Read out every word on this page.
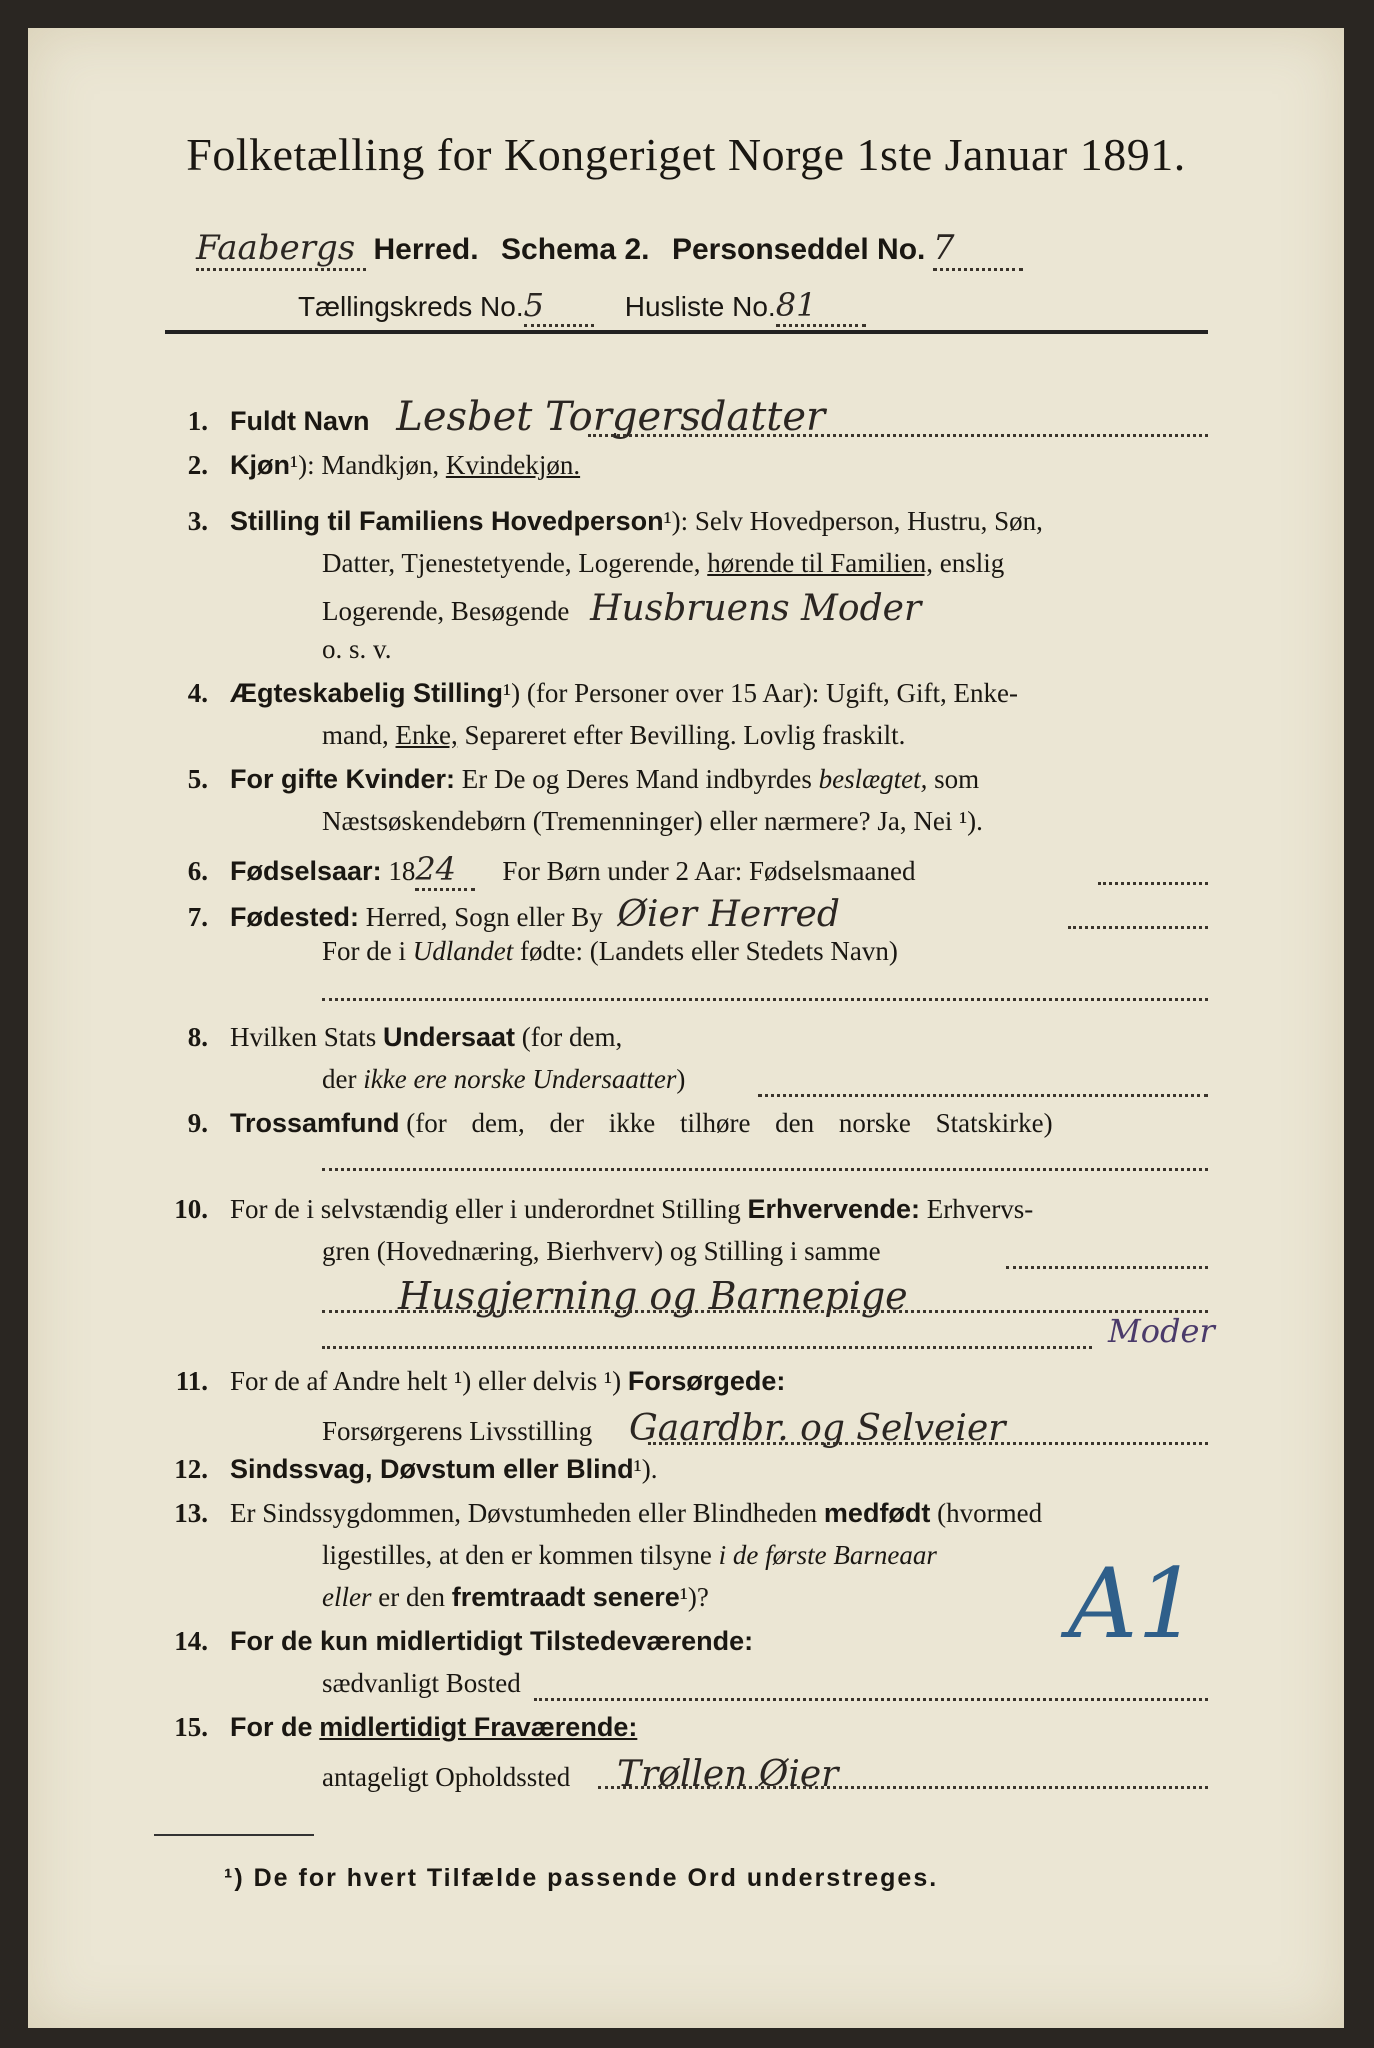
Folketælling for Kongeriget Norge 1ste Januar 1891.
Faabergs Herred. Schema 2. Personseddel No. 7
Tællingskreds No.5	Husliste No.81
1. Fuldt Navn Lesbet Torgersdatter
2. Kjøn¹): Mandkjøn, Kvindekjøn.
3. Stilling til Familiens Hovedperson¹): Selv Hovedperson, Hustru, Søn,
Datter, Tjenestetyende, Logerende, hørende til Familien, enslig
Logerende, Besøgende Husbruens Moder
o. s. v.
4. Ægteskabelig Stilling¹) (for Personer over 15 Aar): Ugift, Gift, Enke-
mand, Enke, Separeret efter Bevilling. Lovlig fraskilt.
5. For gifte Kvinder: Er De og Deres Mand indbyrdes beslægtet, som
Næstsøskendebørn (Tremenninger) eller nærmere? Ja, Nei ¹).
6. Fødselsaar: 1824 For Børn under 2 Aar: Fødselsmaaned
7. Fødested: Herred, Sogn eller By Øier Herred
For de i Udlandet fødte: (Landets eller Stedets Navn)
8. Hvilken Stats Undersaat (for dem,
der ikke ere norske Undersaatter)
9. Trossamfund (for dem, der ikke tilhøre den norske Statskirke)
10. For de i selvstændig eller i underordnet Stilling Erhvervende: Erhvervs-
gren (Hovednæring, Bierhverv) og Stilling i samme
Husgjerning og Barnepige
Moder
11. For de af Andre helt ¹) eller delvis ¹) Forsørgede:
Forsørgerens Livsstilling Gaardbr. og Selveier
12. Sindssvag, Døvstum eller Blind¹).
13. Er Sindssygdommen, Døvstumheden eller Blindheden medfødt (hvormed
ligestilles, at den er kommen tilsyne i de første Barneaar
eller er den fremtraadt senere¹)?	A1
14. For de kun midlertidigt Tilstedeværende:
sædvanligt Bosted
15. For de midlertidigt Fraværende:
antageligt Opholdssted Trøllen Øier
¹) De for hvert Tilfælde passende Ord understreges.
